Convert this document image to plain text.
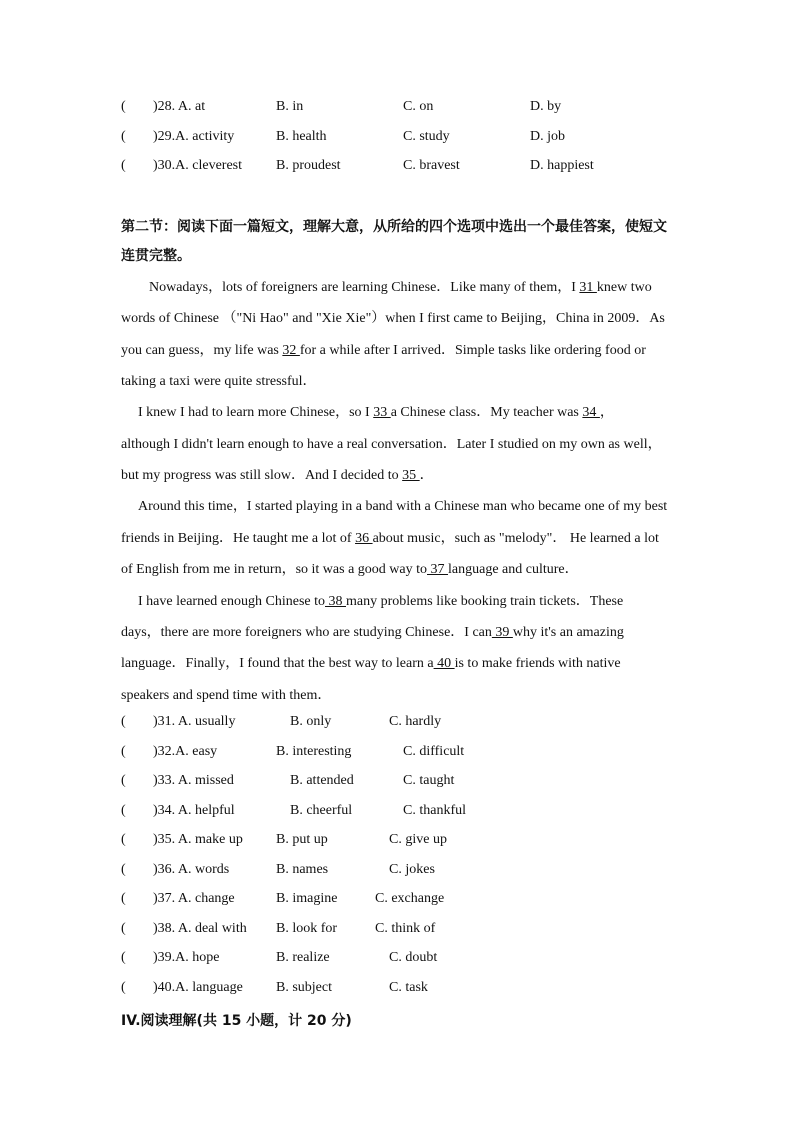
( )28. A. at	B. in	C. on	D. by
( )29.A. activity	B. health	C. study	D. job
( )30.A. cleverest B. proudest	C. bravest	D. happiest
第二节：阅读下面一篇短文，理解大意，从所给的四个选项中选出一个最佳答案，使短文
连贯完整。
Nowadays，lots of foreigners are learning Chinese．Like many of them，I 31 knew two
words of Chinese （"Ni Hao" and "Xie Xie"）when I first came to Beijing，China in 2009．As
you can guess，my life was 32 for a while after I arrived．Simple tasks like ordering food or
taking a taxi were quite stressful．
I knew I had to learn more Chinese，so I 33 a Chinese class．My teacher was 34 ，
although I didn't learn enough to have a real conversation．Later I studied on my own as well，
but my progress was still slow．And I decided to 35 ．
Around this time，I started playing in a band with a Chinese man who became one of my best
friends in Beijing．He taught me a lot of 36 about music，such as "melody"． He learned a lot
of English from me in return，so it was a good way to 37 language and culture．
I have learned enough Chinese to 38 many problems like booking train tickets．These
days，there are more foreigners who are studying Chinese．I can 39 why it's an amazing
language．Finally，I found that the best way to learn a 40 is to make friends with native
speakers and spend time with them．
( )31. A. usually	B. only	C. hardly
( )32.A. easy	B. interesting	C. difficult
( )33. A. missed	B. attended	C. taught
( )34. A. helpful	B. cheerful	C. thankful
( )35. A. make up B. put up	C. give up
( )36. A. words	B. names	C. jokes
( )37. A. change	B. imagine	C. exchange
( )38. A. deal with B. look for	C. think of
( )39.A. hope	B. realize	C. doubt
( )40.A. language B. subject	C. task
IV.阅读理解(共 15 小题，计 20 分)
